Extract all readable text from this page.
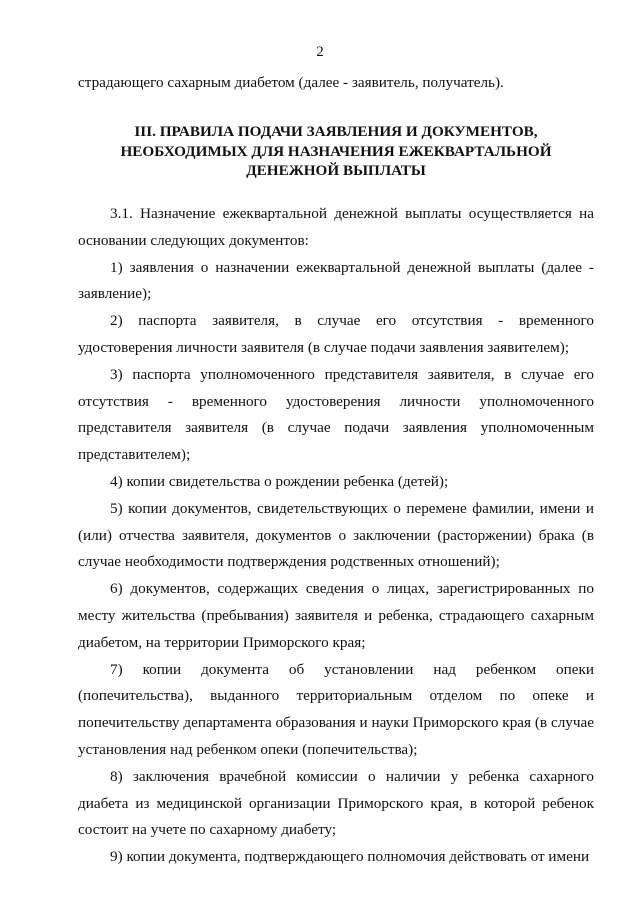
2

страдающего сахарным диабетом (далее - заявитель, получатель).

III. ПРАВИЛА ПОДАЧИ ЗАЯВЛЕНИЯ И ДОКУМЕНТОВ,
НЕОБХОДИМЫХ ДЛЯ НАЗНАЧЕНИЯ ЕЖЕКВАРТАЛЬНОЙ
ДЕНЕЖНОЙ ВЫПЛАТЫ

3.1. Назначение ежеквартальной денежной выплаты осуществляется на основании следующих документов:

1) заявления о назначении ежеквартальной денежной выплаты (далее - заявление);

2) паспорта заявителя, в случае его отсутствия - временного удостоверения личности заявителя (в случае подачи заявления заявителем);

3) паспорта уполномоченного представителя заявителя, в случае его отсутствия - временного удостоверения личности уполномоченного представителя заявителя (в случае подачи заявления уполномоченным представителем);

4) копии свидетельства о рождении ребенка (детей);

5) копии документов, свидетельствующих о перемене фамилии, имени и (или) отчества заявителя, документов о заключении (расторжении) брака (в случае необходимости подтверждения родственных отношений);

6) документов, содержащих сведения о лицах, зарегистрированных по месту жительства (пребывания) заявителя и ребенка, страдающего сахарным диабетом, на территории Приморского края;

7) копии документа об установлении над ребенком опеки (попечительства), выданного территориальным отделом по опеке и попечительству департамента образования и науки Приморского края (в случае установления над ребенком опеки (попечительства);

8) заключения врачебной комиссии о наличии у ребенка сахарного диабета из медицинской организации Приморского края, в которой ребенок состоит на учете по сахарному диабету;

9) копии документа, подтверждающего полномочия действовать от имени
